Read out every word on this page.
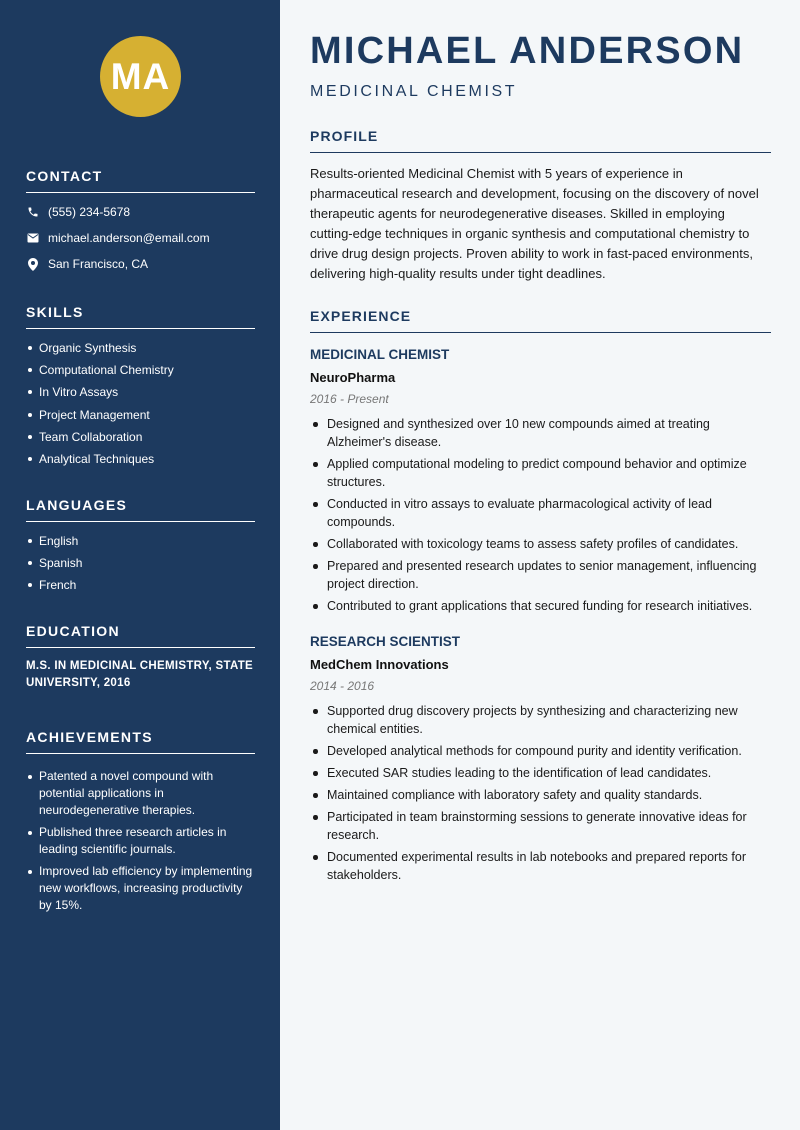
MA
CONTACT
(555) 234-5678
michael.anderson@email.com
San Francisco, CA
SKILLS
Organic Synthesis
Computational Chemistry
In Vitro Assays
Project Management
Team Collaboration
Analytical Techniques
LANGUAGES
English
Spanish
French
EDUCATION
M.S. IN MEDICINAL CHEMISTRY, STATE UNIVERSITY, 2016
ACHIEVEMENTS
Patented a novel compound with potential applications in neurodegenerative therapies.
Published three research articles in leading scientific journals.
Improved lab efficiency by implementing new workflows, increasing productivity by 15%.
MICHAEL ANDERSON
MEDICINAL CHEMIST
PROFILE
Results-oriented Medicinal Chemist with 5 years of experience in pharmaceutical research and development, focusing on the discovery of novel therapeutic agents for neurodegenerative diseases. Skilled in employing cutting-edge techniques in organic synthesis and computational chemistry to drive drug design projects. Proven ability to work in fast-paced environments, delivering high-quality results under tight deadlines.
EXPERIENCE
MEDICINAL CHEMIST
NeuroPharma
2016 - Present
Designed and synthesized over 10 new compounds aimed at treating Alzheimer's disease.
Applied computational modeling to predict compound behavior and optimize structures.
Conducted in vitro assays to evaluate pharmacological activity of lead compounds.
Collaborated with toxicology teams to assess safety profiles of candidates.
Prepared and presented research updates to senior management, influencing project direction.
Contributed to grant applications that secured funding for research initiatives.
RESEARCH SCIENTIST
MedChem Innovations
2014 - 2016
Supported drug discovery projects by synthesizing and characterizing new chemical entities.
Developed analytical methods for compound purity and identity verification.
Executed SAR studies leading to the identification of lead candidates.
Maintained compliance with laboratory safety and quality standards.
Participated in team brainstorming sessions to generate innovative ideas for research.
Documented experimental results in lab notebooks and prepared reports for stakeholders.
